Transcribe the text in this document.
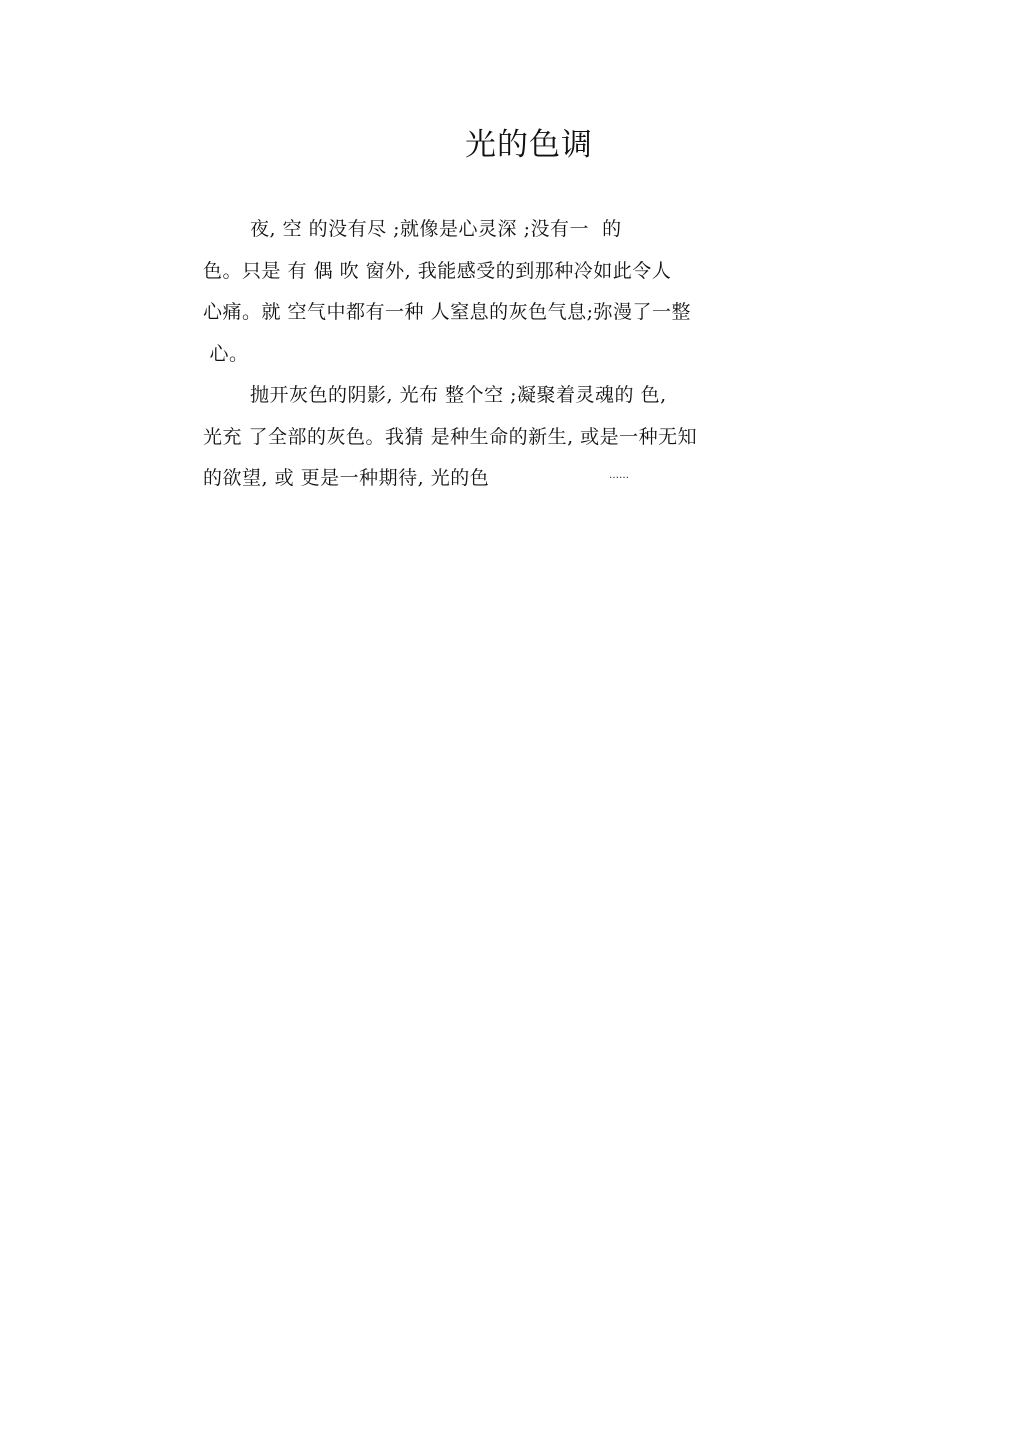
光的色调

夜, 空 的没有尽 ;就像是心灵深 ;没有一  的

色。只是 有 偶 吹 窗外, 我能感受的到那种冷如此令人

心痛。就 空气中都有一种 人窒息的灰色气息;弥漫了一整

心。

抛开灰色的阴影, 光布 整个空 ;凝聚着灵魂的 色,

光充 了全部的灰色。我猜 是种生命的新生, 或是一种无知

的欲望, 或 更是一种期待, 光的色	……
